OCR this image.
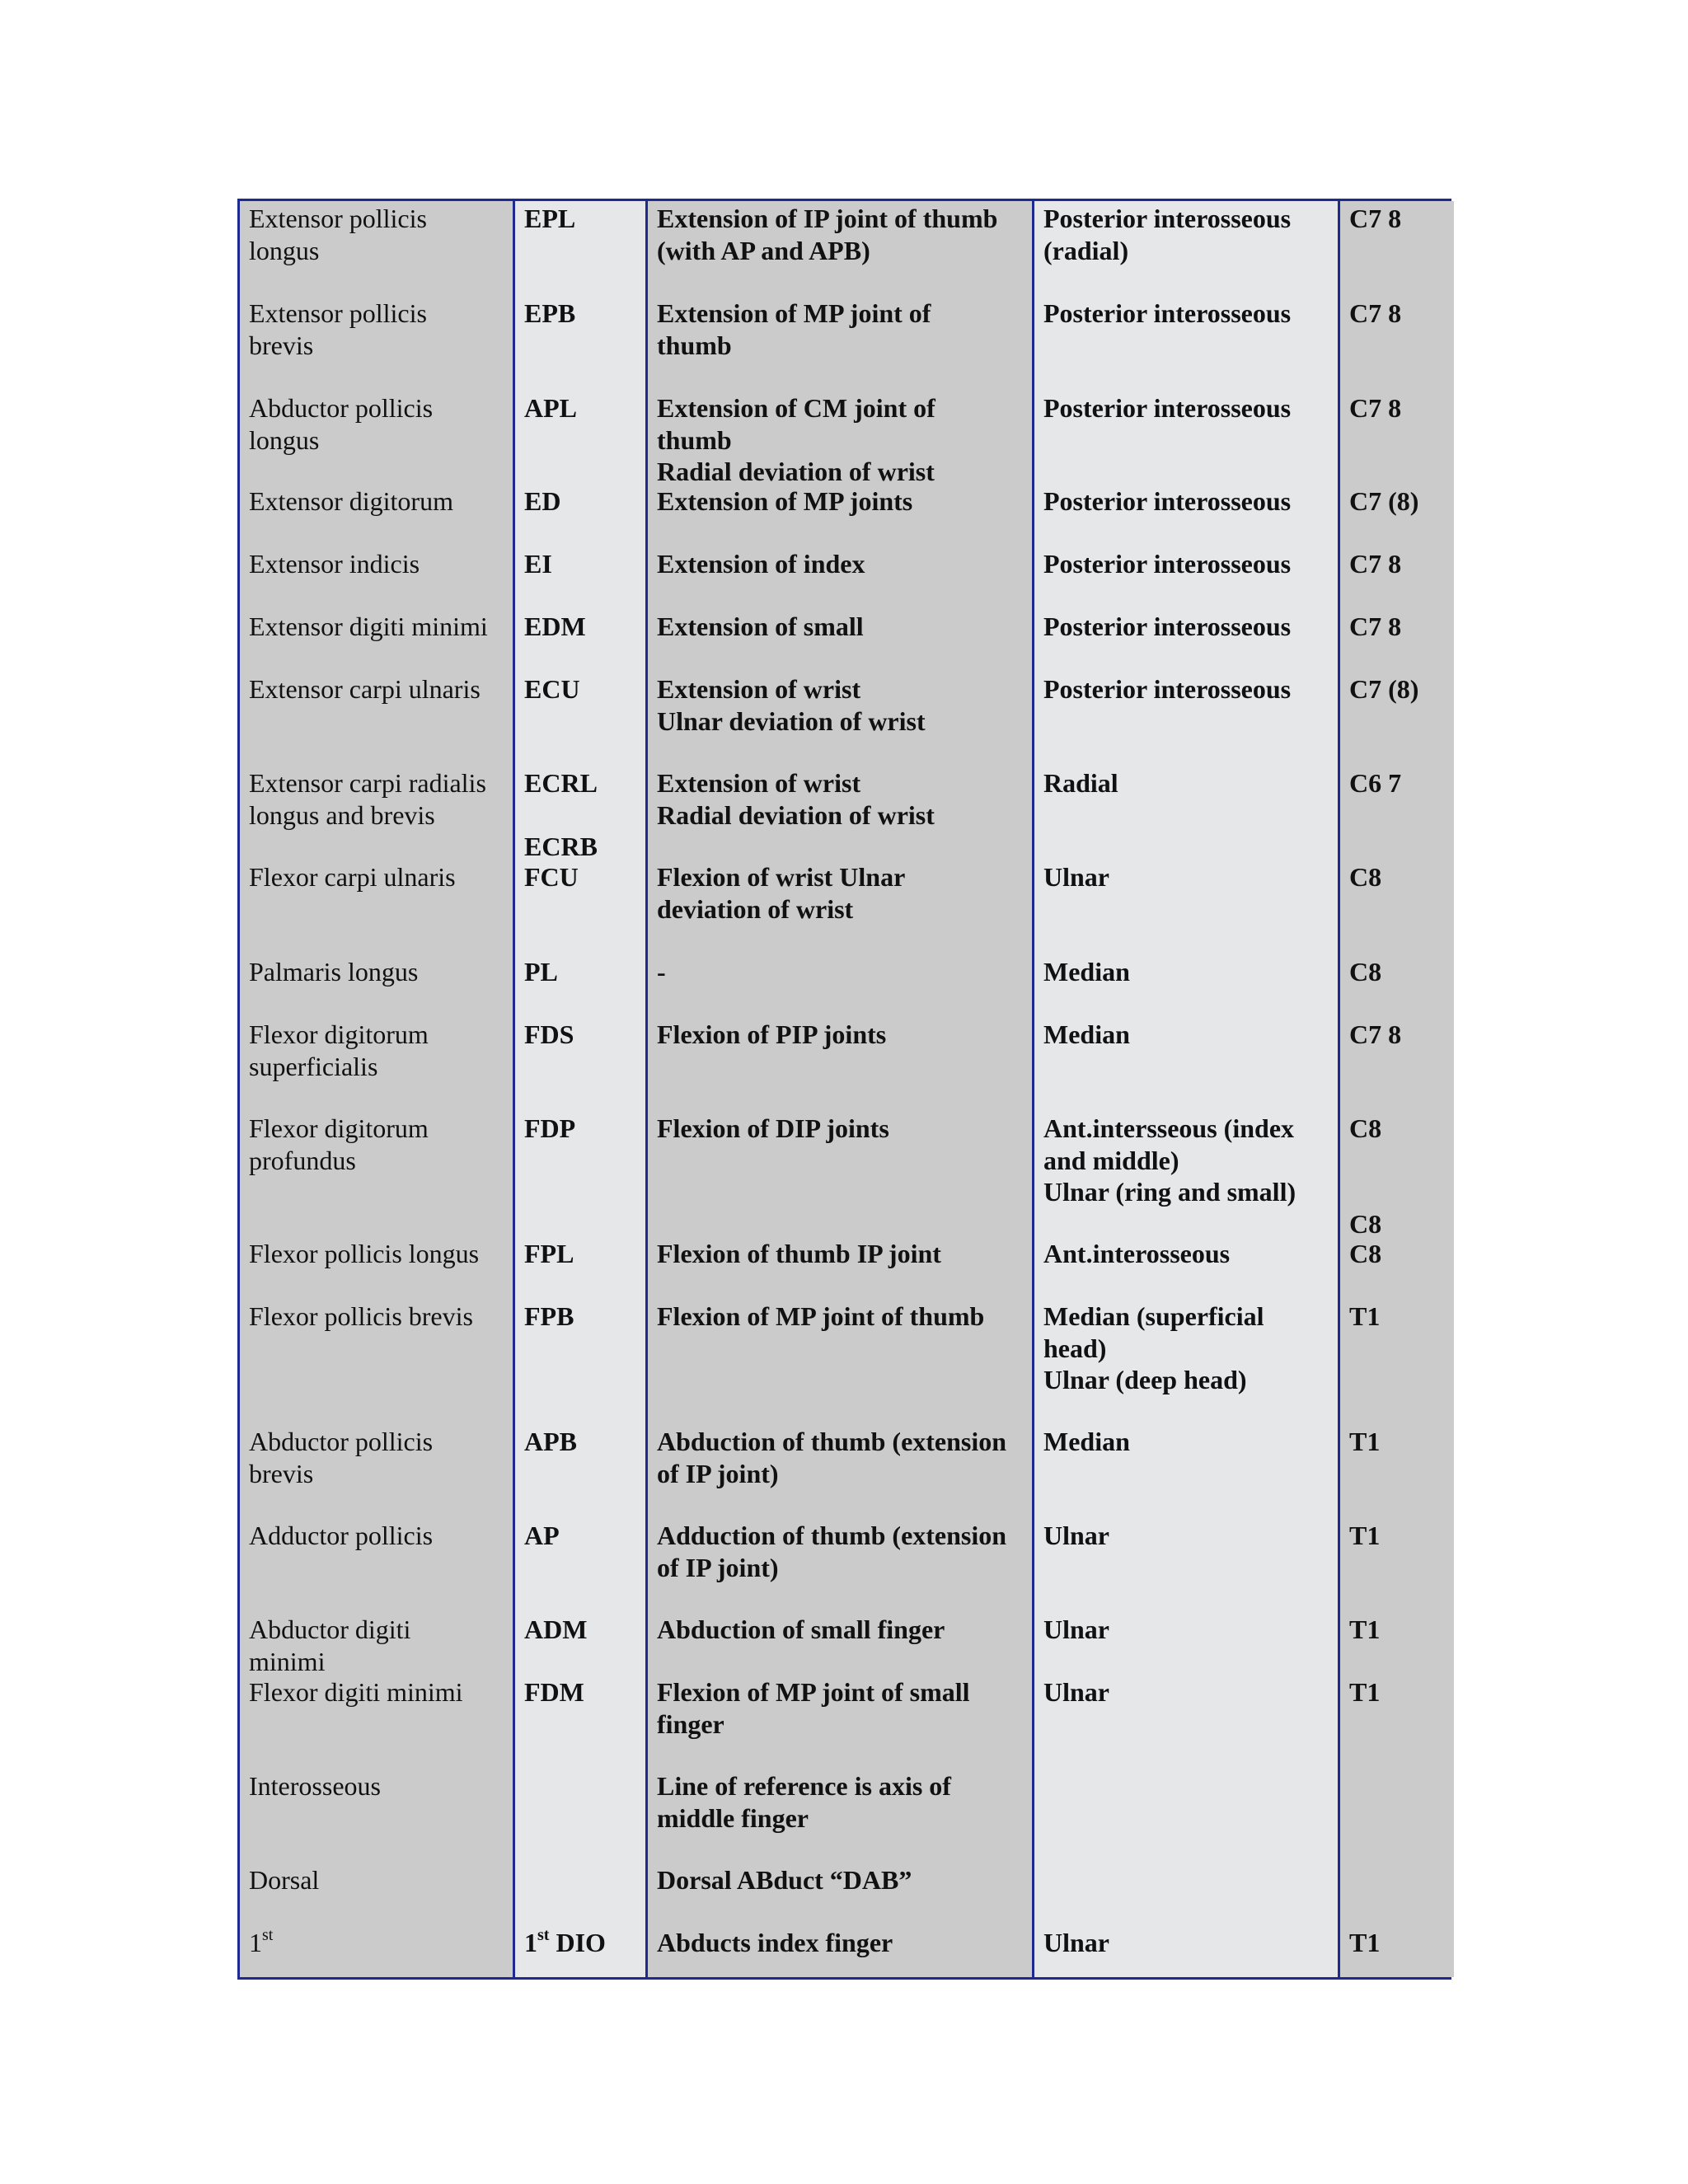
Extensor pollicis
longus
Extensor pollicis
brevis
Abductor pollicis
longus
Extensor digitorum
Extensor indicis
Extensor digiti minimi
Extensor carpi ulnaris
Extensor carpi radialis
longus and brevis
Flexor carpi ulnaris
Palmaris longus
Flexor digitorum
superficialis
Flexor digitorum
profundus
Flexor pollicis longus
Flexor pollicis brevis
Abductor pollicis
brevis
Adductor pollicis
Abductor digiti
minimi
Flexor digiti minimi
Interosseous
Dorsal
1st
EPL
EPB
APL
ED
EI
EDM
ECU
ECRL

ECRB
FCU
PL
FDS
FDP
FPL
FPB
APB
AP
ADM
FDM
1st DIO
Extension of IP joint of thumb
(with AP and APB)
Extension of MP joint of
thumb
Extension of CM joint of
thumb
Radial deviation of wrist
Extension of MP joints
Extension of index
Extension of small
Extension of wrist
Ulnar deviation of wrist
Extension of wrist
Radial deviation of wrist
Flexion of wrist Ulnar
deviation of wrist
-
Flexion of PIP joints
Flexion of DIP joints
Flexion of thumb IP joint
Flexion of MP joint of thumb
Abduction of thumb (extension
of IP joint)
Adduction of thumb (extension
of IP joint)
Abduction of small finger
Flexion of MP joint of small
finger
Line of reference is axis of
middle finger
Dorsal ABduct “DAB”
Abducts index finger
Posterior interosseous
(radial)
Posterior interosseous
Posterior interosseous
Posterior interosseous
Posterior interosseous
Posterior interosseous
Posterior interosseous
Radial
Ulnar
Median
Median
Ant.intersseous (index
and middle)
Ulnar (ring and small)
Ant.interosseous
Median (superficial
head)
Ulnar (deep head)
Median
Ulnar
Ulnar
Ulnar
Ulnar
C7 8
C7 8
C7 8
C7 (8)
C7 8
C7 8
C7 (8)
C6 7
C8
C8
C7 8
C8

C8
C8
T1
T1
T1
T1
T1
T1
